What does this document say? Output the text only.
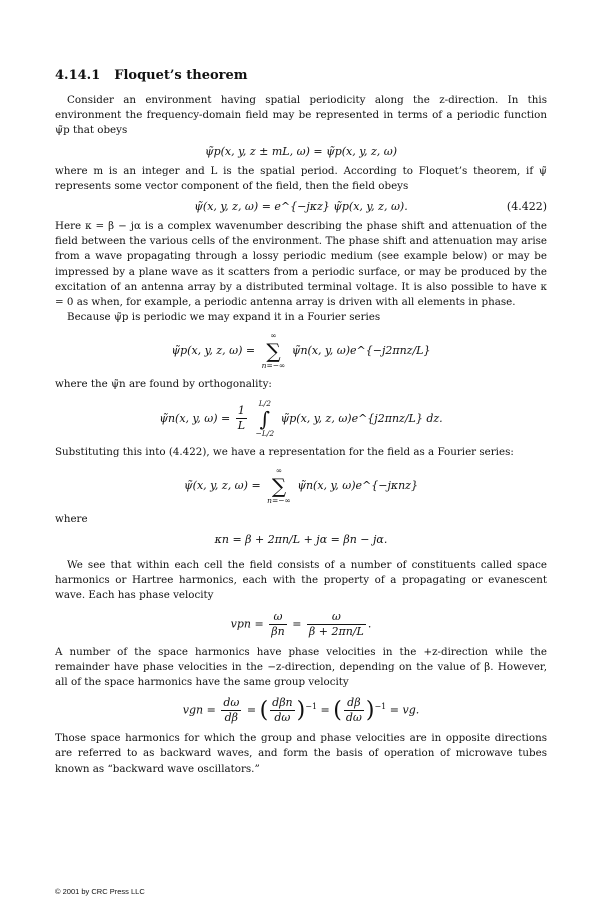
4.14.1 Floquet’s theorem

Consider an environment having spatial periodicity along the z-direction. In this environment the frequency-domain field may be represented in terms of a periodic function ψ̃p that obeys

ψ̃p(x, y, z ± mL, ω) = ψ̃p(x, y, z, ω)

where m is an integer and L is the spatial period. According to Floquet’s theorem, if ψ̃ represents some vector component of the field, then the field obeys

ψ̃(x, y, z, ω) = e^{−jκz} ψ̃p(x, y, z, ω).	(4.422)

Here κ = β − jα is a complex wavenumber describing the phase shift and attenuation of the field between the various cells of the environment. The phase shift and attenuation may arise from a wave propagating through a lossy periodic medium (see example below) or may be impressed by a plane wave as it scatters from a periodic surface, or may be produced by the excitation of an antenna array by a distributed terminal voltage. It is also possible to have κ = 0 as when, for example, a periodic antenna array is driven with all elements in phase.

Because ψ̃p is periodic we may expand it in a Fourier series

ψ̃p(x, y, z, ω) =
∞
∑
n=−∞
ψ̃n(x, y, ω)e^{−j2πnz/L}

where the ψ̃n are found by orthogonality:

ψ̃n(x, y, $\omega) = \frac{1}{L}$

L/2
∫
−L/2
ψ̃p(x, y, z, ω)e^{j2πnz/L} dz.

Substituting this into (4.422), we have a representation for the field as a Fourier series:

ψ̃(x, y, z, ω) =
∞
∑
n=−∞
ψ̃n(x, y, ω)e^{−jκnz}

where

κn = β + 2πn/L + jα = βn − jα.

We see that within each cell the field consists of a number of constituents called space harmonics or Hartree harmonics, each with the property of a propagating or evanescent wave. Each has phase velocity

vpn = $\frac{\omega}{\beta n} = \frac{\omega}{\beta + 2\pi n/L}$ .

A number of the space harmonics have phase velocities in the +z-direction while the remainder have phase velocities in the −z-direction, depending on the value of β. However, all of the space harmonics have the same group velocity

vgn = $\frac{d\omega}{d\beta}$ = ( $\frac{\text{dβn}}{d\omega} )^{-1}$ = ( $\frac{d\beta}{d\omega} )^{-1}$ = vg.

Those space harmonics for which the group and phase velocities are in opposite directions are referred to as backward waves, and form the basis of operation of microwave tubes known as “backward wave oscillators.”

© 2001 by CRC Press LLC
